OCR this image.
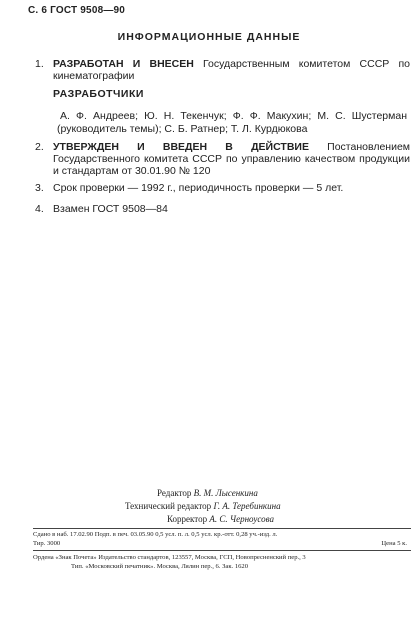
С. 6 ГОСТ 9508—90
ИНФОРМАЦИОННЫЕ ДАННЫЕ
1. РАЗРАБОТАН И ВНЕСЕН Государственным комитетом СССР по кинематографии
РАЗРАБОТЧИКИ
А. Ф. Андреев; Ю. Н. Текенчук; Ф. Ф. Макухин; М. С. Шустерман (руководитель темы); С. Б. Ратнер; Т. Л. Курдюкова
2. УТВЕРЖДЕН И ВВЕДЕН В ДЕЙСТВИЕ Постановлением Государственного комитета СССР по управлению качеством продукции и стандартам от 30.01.90 № 120
3. Срок проверки — 1992 г., периодичность проверки — 5 лет.
4. Взамен ГОСТ 9508—84
Редактор В. М. Лысенкина
Технический редактор Г. А. Теребинкина
Корректор А. С. Черноусова
Сдано в наб. 17.02.90 Подп. в печ. 03.05.90 0,5 усл. п. л. 0,5 усл. кр.-отт. 0,28 уч.-изд. л.
Тир. 3000	Цена 5 к.
Ордена «Знак Почета» Издательство стандартов, 123557, Москва, ГСП, Новопресненский пер., 3
Тип. «Московский печатник». Москва, Лялин пер., 6. Зак. 1620
